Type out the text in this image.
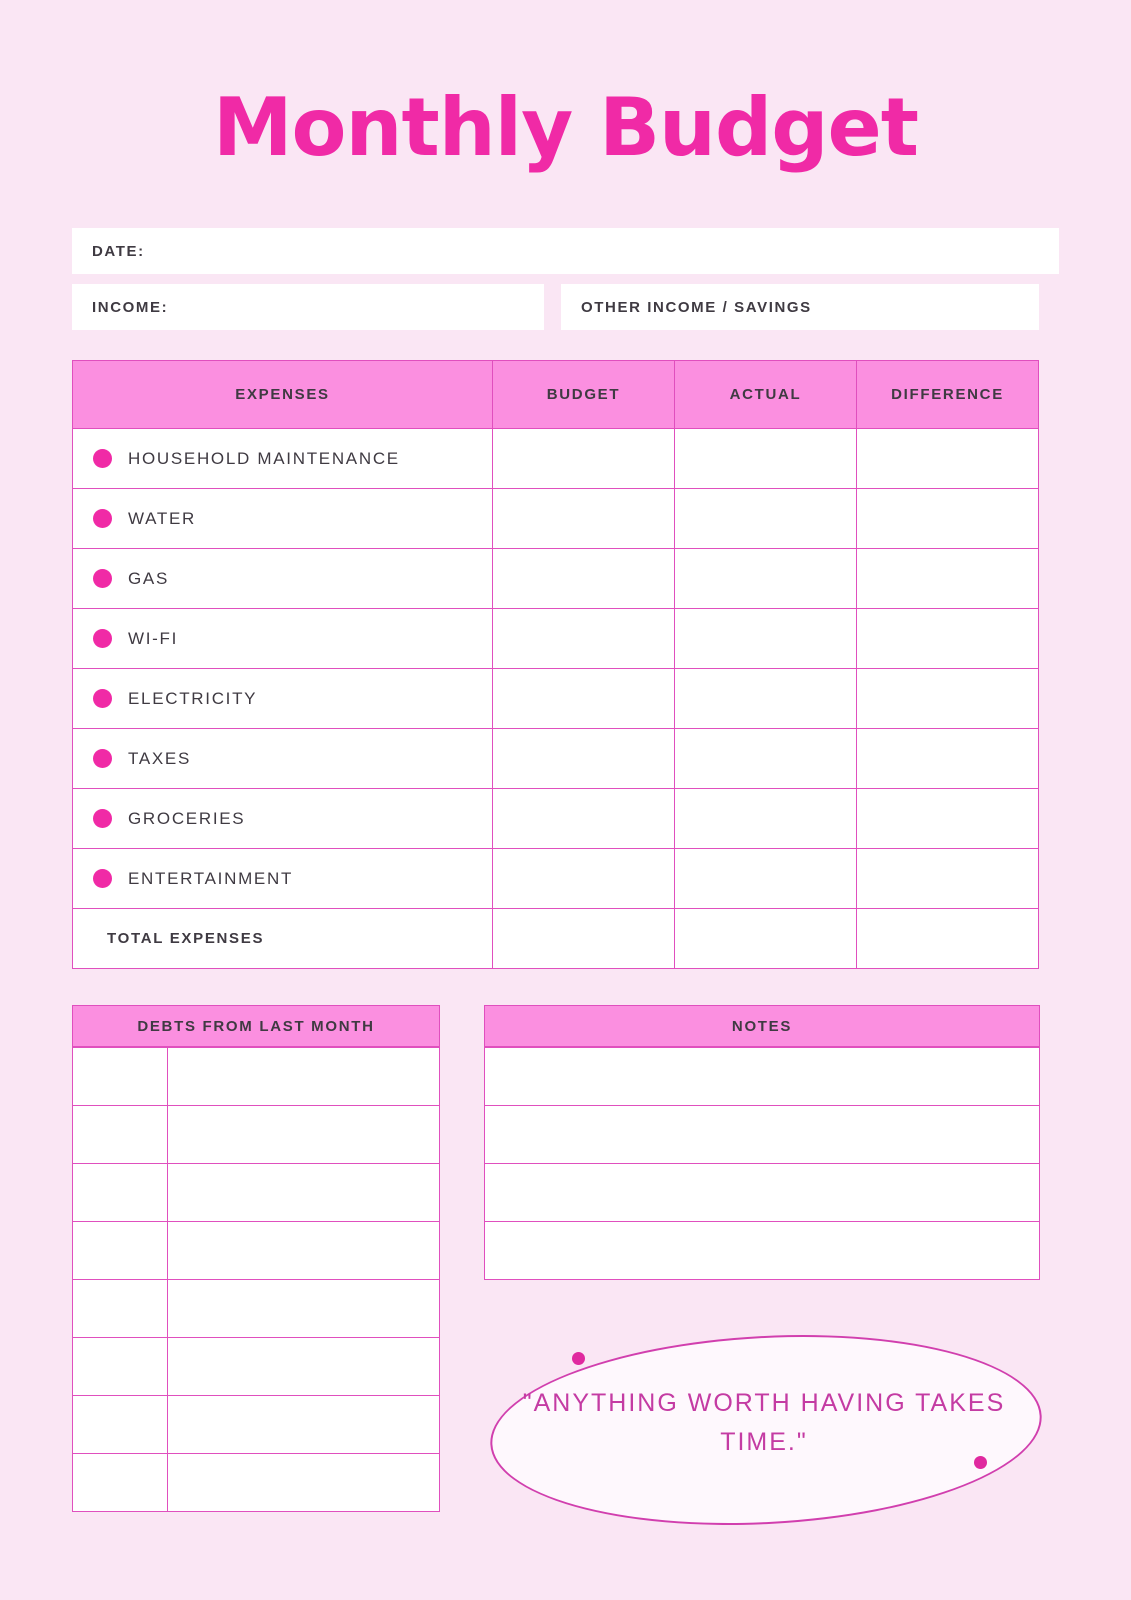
Monthly Budget
DATE:
INCOME:	OTHER INCOME / SAVINGS
EXPENSES	BUDGET	ACTUAL	DIFFERENCE

HOUSEHOLD MAINTENANCE			

WATER			

GAS			

WI-FI			

ELECTRICITY			

TAXES			

GROCERIES			

ENTERTAINMENT			

TOTAL EXPENSES			
DEBTS FROM LAST MONTH

		NOTES

"ANYTHING WORTH HAVING TAKES TIME."
